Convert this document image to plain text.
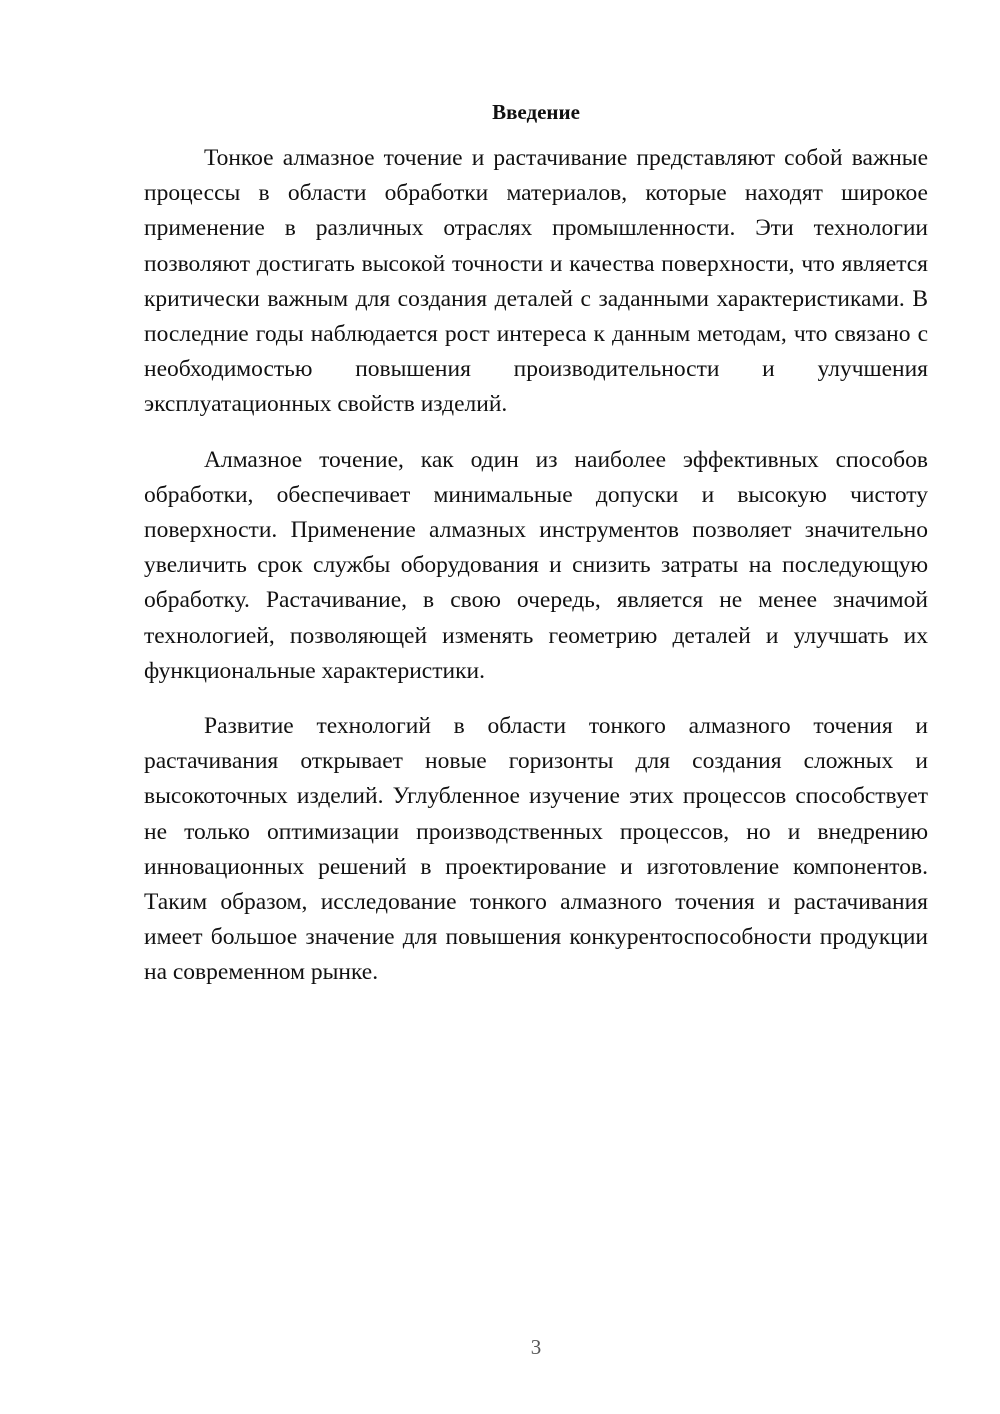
Введение

Тонкое алмазное точение и растачивание представляют собой важные процессы в области обработки материалов, которые находят широкое применение в различных отраслях промышленности. Эти технологии позволяют достигать высокой точности и качества поверхности, что является критически важным для создания деталей с заданными характеристиками. В последние годы наблюдается рост интереса к данным методам, что связано с необходимостью повышения производительности и улучшения эксплуатационных свойств изделий.

Алмазное точение, как один из наиболее эффективных способов обработки, обеспечивает минимальные допуски и высокую чистоту поверхности. Применение алмазных инструментов позволяет значительно увеличить срок службы оборудования и снизить затраты на последующую обработку. Растачивание, в свою очередь, является не менее значимой технологией, позволяющей изменять геометрию деталей и улучшать их функциональные характеристики.

Развитие технологий в области тонкого алмазного точения и растачивания открывает новые горизонты для создания сложных и высокоточных изделий. Углубленное изучение этих процессов способствует не только оптимизации производственных процессов, но и внедрению инновационных решений в проектирование и изготовление компонентов. Таким образом, исследование тонкого алмазного точения и растачивания имеет большое значение для повышения конкурентоспособности продукции на современном рынке.

3
